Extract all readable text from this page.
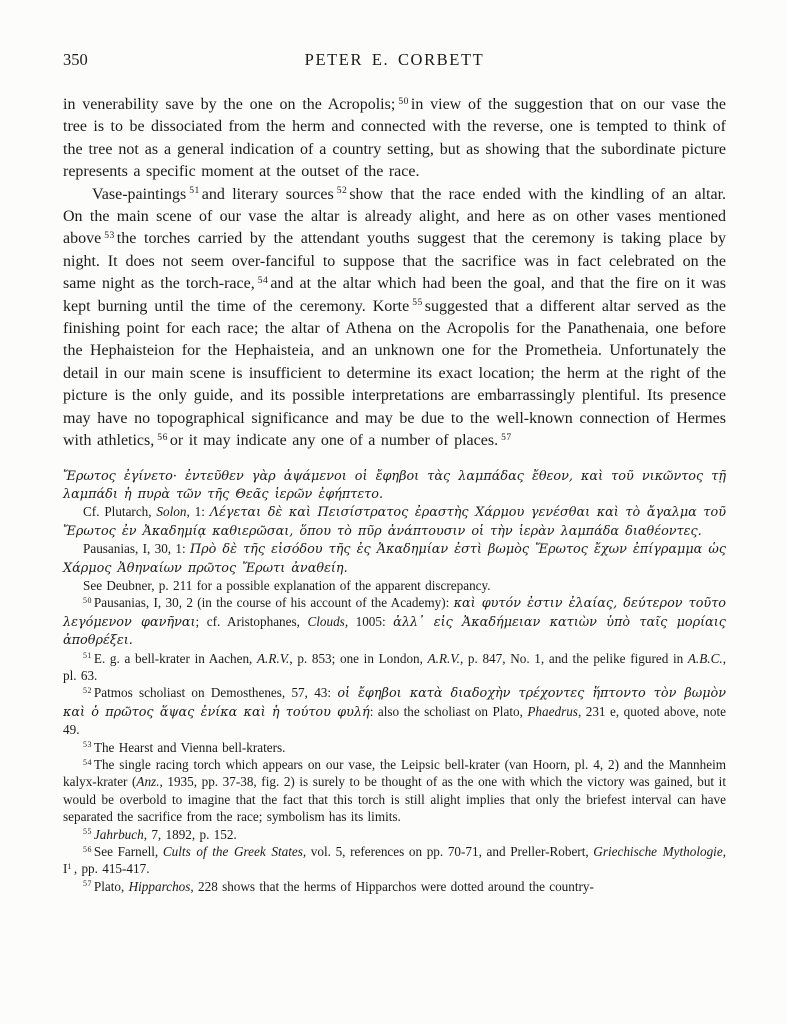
350	PETER E. CORBETT

in venerability save by the one on the Acropolis; $^{50}$ in view of the suggestion that on our vase the tree is to be dissociated from the herm and connected with the reverse, one is tempted to think of the tree not as a general indication of a country setting, but as showing that the subordinate picture represents a specific moment at the outset of the race.

Vase-paintings $^{51}$ and literary sources $^{52}$ show that the race ended with the kindling of an altar. On the main scene of our vase the altar is already alight, and here as on other vases mentioned above $^{53}$ the torches carried by the attendant youths suggest that the ceremony is taking place by night. It does not seem over-fanciful to suppose that the sacrifice was in fact celebrated on the same night as the torch-race, $^{54}$ and at the altar which had been the goal, and that the fire on it was kept burning until the time of the ceremony. Korte $^{55}$ suggested that a different altar served as the finishing point for each race; the altar of Athena on the Acropolis for the Panathenaia, one before the Hephaisteion for the Hephaisteia, and an unknown one for the Prometheia. Unfortunately the detail in our main scene is insufficient to determine its exact location; the herm at the right of the picture is the only guide, and its possible interpretations are embarrassingly plentiful. Its presence may have no topographical significance and may be due to the well-known connection of Hermes with athletics, $^{56}$ or it may indicate any one of a number of places. $^{57}$

Ἔρωτος ἐγίνετο· ἐντεῦθεν γὰρ ἁψάμενοι οἱ ἔφηβοι τὰς λαμπάδας ἔθεον, καὶ τοῦ νικῶντος τῇ λαμπάδι ἡ πυρὰ τῶν τῆς Θεᾶς ἱερῶν ἐφήπτετο.

Cf. Plutarch, Solon, 1: Λέγεται δὲ καὶ Πεισίστρατος ἐραστὴς Χάρμου γενέσθαι καὶ τὸ ἄγαλμα τοῦ Ἔρωτος ἐν Ἀκαδημίᾳ καθιερῶσαι, ὅπου τὸ πῦρ ἀνάπτουσιν οἱ τὴν ἱερὰν λαμπάδα διαθέοντες.

Pausanias, I, 30, 1: Πρὸ δὲ τῆς εἰσόδου τῆς ἐς Ἀκαδημίαν ἐστὶ βωμὸς Ἔρωτος ἔχων ἐπίγραμμα ὡς Χάρμος Ἀθηναίων πρῶτος Ἔρωτι ἀναθείη.

See Deubner, p. 211 for a possible explanation of the apparent discrepancy.

$^{50}$ Pausanias, I, 30, 2 (in the course of his account of the Academy): καὶ φυτόν ἐστιν ἐλαίας, δεύτερον τοῦτο λεγόμενον φανῆναι; cf. Aristophanes, Clouds, 1005: ἀλλ᾽ εἰς Ἀκαδήμειαν κατιὼν ὑπὸ ταῖς μορίαις ἀποθρέξει.

$^{51}$ E. g. a bell-krater in Aachen, A.R.V., p. 853; one in London, A.R.V., p. 847, No. 1, and the pelike figured in A.B.C., pl. 63.

$^{52}$ Patmos scholiast on Demosthenes, 57, 43: οἱ ἔφηβοι κατὰ διαδοχὴν τρέχοντες ἥπτοντο τὸν βωμὸν καὶ ὁ πρῶτος ἅψας ἐνίκα καὶ ἡ τούτου φυλή: also the scholiast on Plato, Phaedrus, 231 e, quoted above, note 49.

$^{53}$ The Hearst and Vienna bell-kraters.

$^{54}$ The single racing torch which appears on our vase, the Leipsic bell-krater (van Hoorn, pl. 4, 2) and the Mannheim kalyx-krater (Anz., 1935, pp. 37-38, fig. 2) is surely to be thought of as the one with which the victory was gained, but it would be overbold to imagine that the fact that this torch is still alight implies that only the briefest interval can have separated the sacrifice from the race; symbolism has its limits.

$^{55}$ Jahrbuch, 7, 1892, p. 152.

$^{56}$ See Farnell, Cults of the Greek States, vol. 5, references on pp. 70-71, and Preller-Robert, Griechische Mythologie, $I^1$ , pp. 415-417.

$^{57}$ Plato, Hipparchos, 228 shows that the herms of Hipparchos were dotted around the country-
